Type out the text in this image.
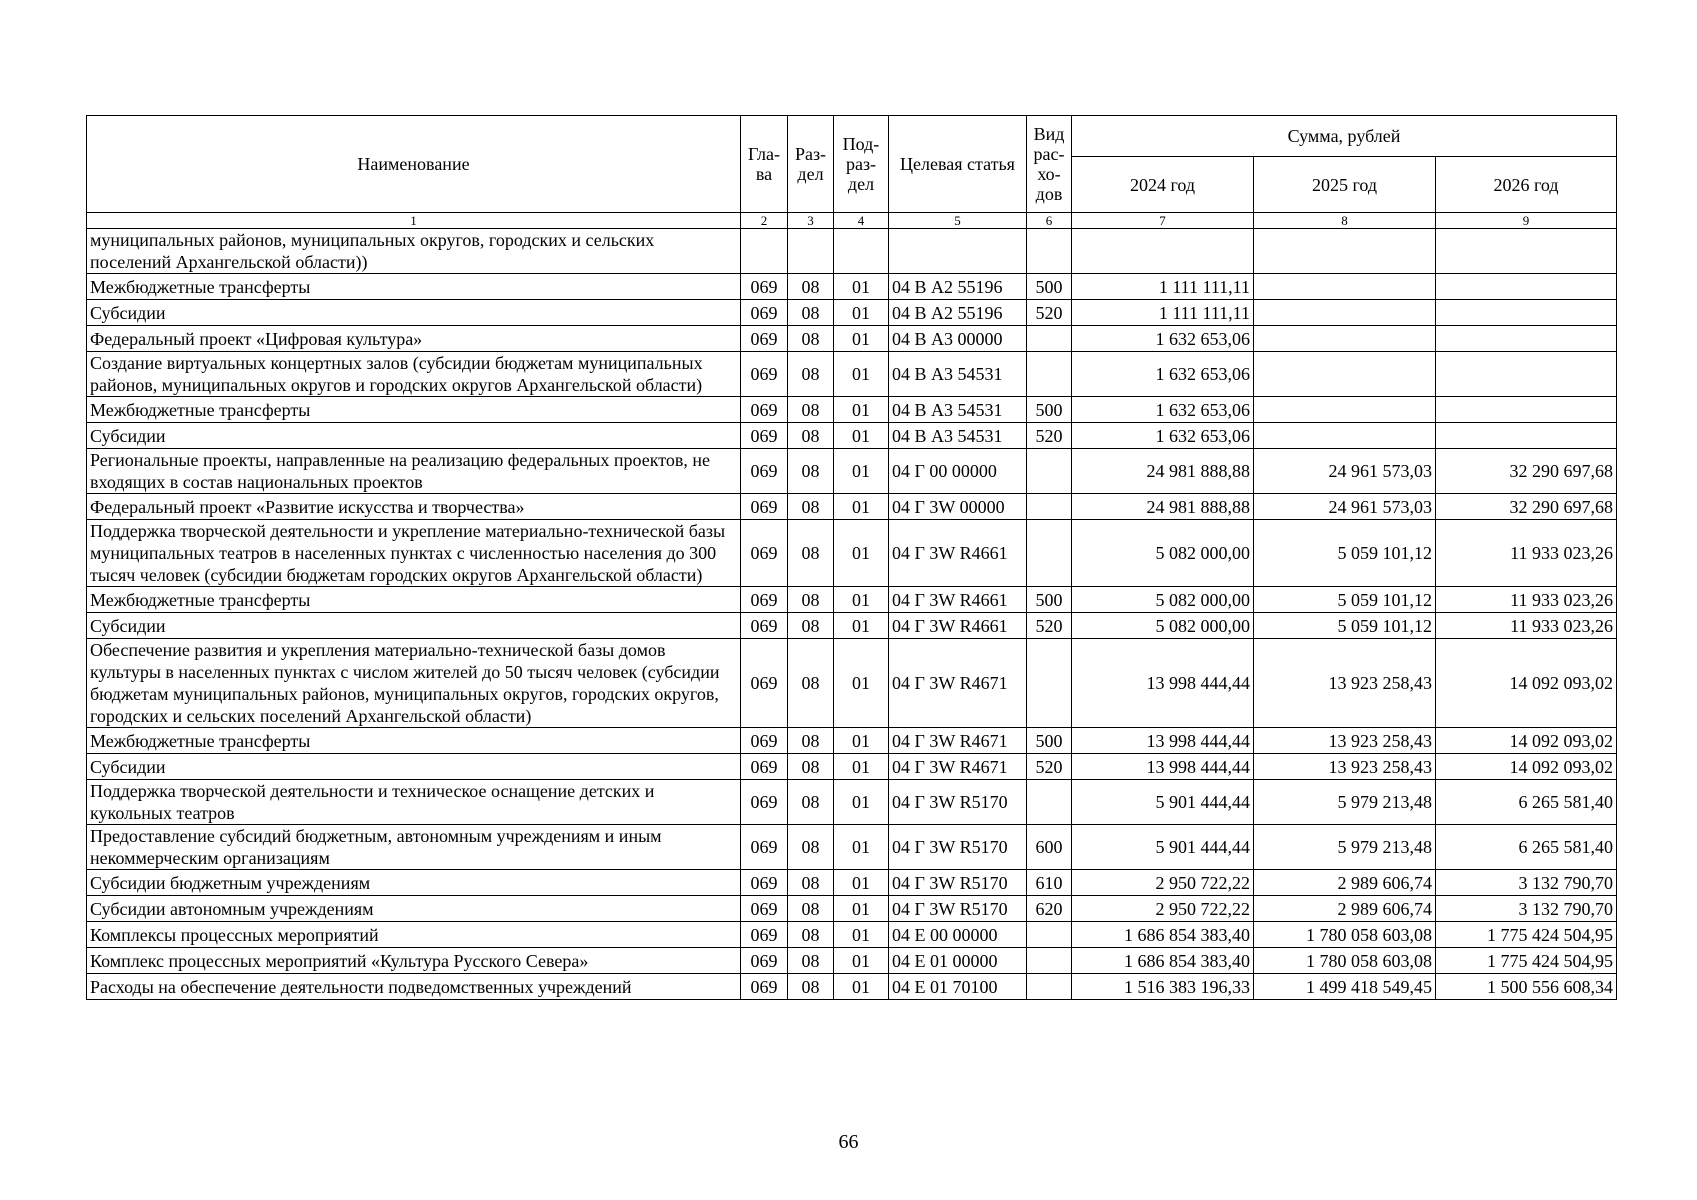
Наименование	Гла-ва	Раз-дел	Под-раз-дел	Целевая статья	Вид рас-хо-дов	Сумма, рублей		
						2024 год	2025 год	2026 год
1	2	3	4	5	6	7	8	9
муниципальных районов, муниципальных округов, городских и сельских поселений Архангельской области))								
Межбюджетные трансферты	069	08	01	04 В А2 55196	500	1 111 111,11		
Субсидии	069	08	01	04 В А2 55196	520	1 111 111,11		
Федеральный проект «Цифровая культура»	069	08	01	04 В А3 00000		1 632 653,06		
Создание виртуальных концертных залов (субсидии бюджетам муниципальных районов, муниципальных округов и городских округов Архангельской области)	069	08	01	04 В А3 54531		1 632 653,06		
Межбюджетные трансферты	069	08	01	04 В А3 54531	500	1 632 653,06		
Субсидии	069	08	01	04 В А3 54531	520	1 632 653,06		
Региональные проекты, направленные на реализацию федеральных проектов, не входящих в состав национальных проектов	069	08	01	04 Г 00 00000		24 981 888,88	24 961 573,03	32 290 697,68
Федеральный проект «Развитие искусства и творчества»	069	08	01	04 Г 3W 00000		24 981 888,88	24 961 573,03	32 290 697,68
Поддержка творческой деятельности и укрепление материально-технической базы муниципальных театров в населенных пунктах с численностью населения до 300 тысяч человек (субсидии бюджетам городских округов Архангельской области)	069	08	01	04 Г 3W R4661		5 082 000,00	5 059 101,12	11 933 023,26
Межбюджетные трансферты	069	08	01	04 Г 3W R4661	500	5 082 000,00	5 059 101,12	11 933 023,26
Субсидии	069	08	01	04 Г 3W R4661	520	5 082 000,00	5 059 101,12	11 933 023,26
Обеспечение развития и укрепления материально-технической базы домов культуры в населенных пунктах с числом жителей до 50 тысяч человек (субсидии бюджетам муниципальных районов, муниципальных округов, городских округов, городских и сельских поселений Архангельской области)	069	08	01	04 Г 3W R4671		13 998 444,44	13 923 258,43	14 092 093,02
Межбюджетные трансферты	069	08	01	04 Г 3W R4671	500	13 998 444,44	13 923 258,43	14 092 093,02
Субсидии	069	08	01	04 Г 3W R4671	520	13 998 444,44	13 923 258,43	14 092 093,02
Поддержка творческой деятельности и техническое оснащение детских и кукольных театров	069	08	01	04 Г 3W R5170		5 901 444,44	5 979 213,48	6 265 581,40
Предоставление субсидий бюджетным, автономным учреждениям и иным некоммерческим организациям	069	08	01	04 Г 3W R5170	600	5 901 444,44	5 979 213,48	6 265 581,40
Субсидии бюджетным учреждениям	069	08	01	04 Г 3W R5170	610	2 950 722,22	2 989 606,74	3 132 790,70
Субсидии автономным учреждениям	069	08	01	04 Г 3W R5170	620	2 950 722,22	2 989 606,74	3 132 790,70
Комплексы процессных мероприятий	069	08	01	04 Е 00 00000		1 686 854 383,40	1 780 058 603,08	1 775 424 504,95
Комплекс процессных мероприятий «Культура Русского Севера»	069	08	01	04 Е 01 00000		1 686 854 383,40	1 780 058 603,08	1 775 424 504,95
Расходы на обеспечение деятельности подведомственных учреждений	069	08	01	04 Е 01 70100		1 516 383 196,33	1 499 418 549,45	1 500 556 608,34
66
